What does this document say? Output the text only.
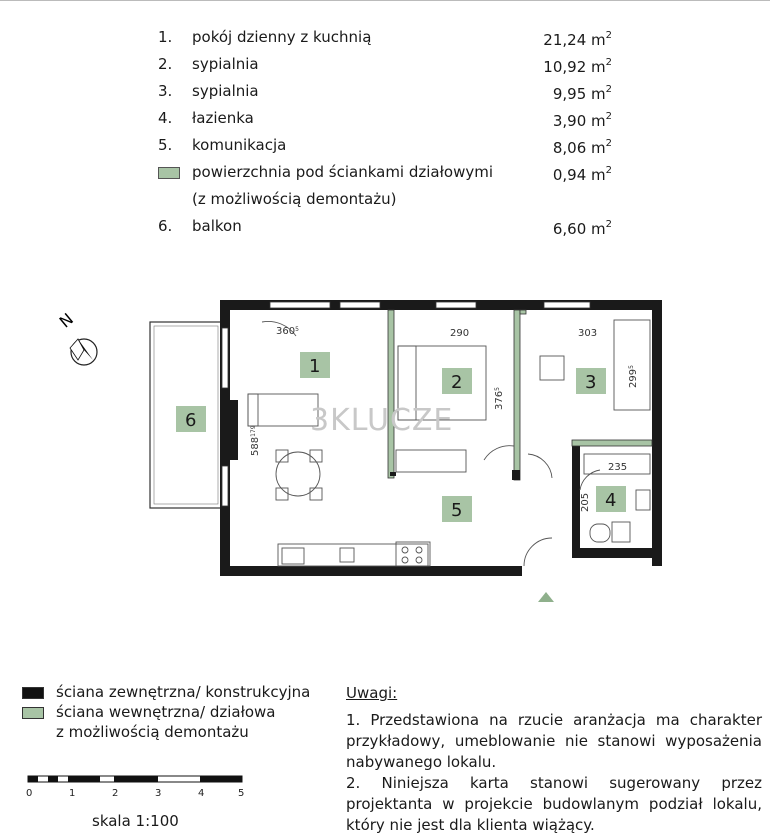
1. pokój dzienny z kuchnią	21,24 $m^2$
2. sypialnia	10,92 $m^2$
3. sypialnia	9,95 $m^2$
4. łazienka	3,90 $m^2$
5. komunikacja	8,06 $m^2$
powierzchnia pod ściankami działowymi	0,94 $m^2$
(z możliwością demontażu)
6. balkon	6,60 $m^2$
N
1
2	3
4
5
6
$360^5$	290	303
$376^5$
$299^5$
$588^{179}$
235
205
3KLUCZE
ściana zewnętrzna/ konstrukcyjna
ściana wewnętrzna/ działowa
z możliwością demontażu
0	1	2	3	4	5
skala 1:100
Uwagi:

1. Przedstawiona na rzucie aranżacja ma charakter przykładowy, umeblowanie nie stanowi wyposażenia nabywanego lokalu.

2. Niniejsza karta stanowi sugerowany przez projektanta w projekcie budowlanym podział lokalu, który nie jest dla klienta wiążący.
